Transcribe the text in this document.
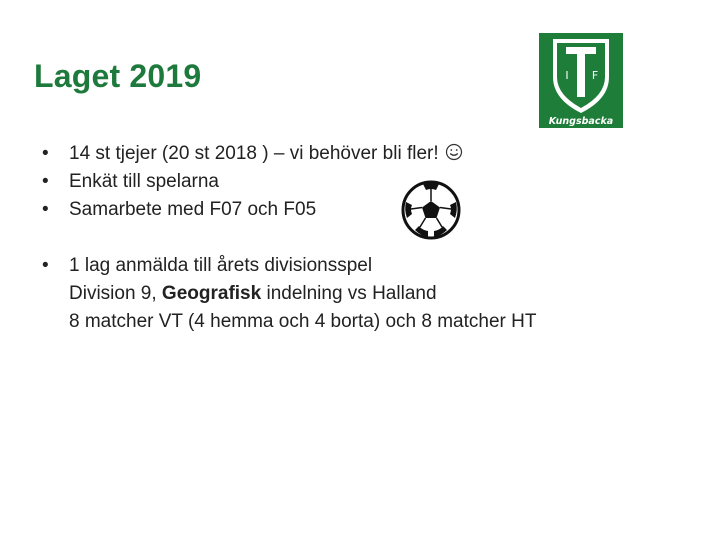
Laget 2019	I F
Kungsbacka
•	14 st tjejer (20 st 2018 ) – vi behöver bli fler!
•	Enkät till spelarna
•	Samarbete med F07 och F05
•	1 lag anmälda till årets divisionsspel
Division 9, Geografisk indelning vs Halland
8 matcher VT (4 hemma och 4 borta) och 8 matcher HT
